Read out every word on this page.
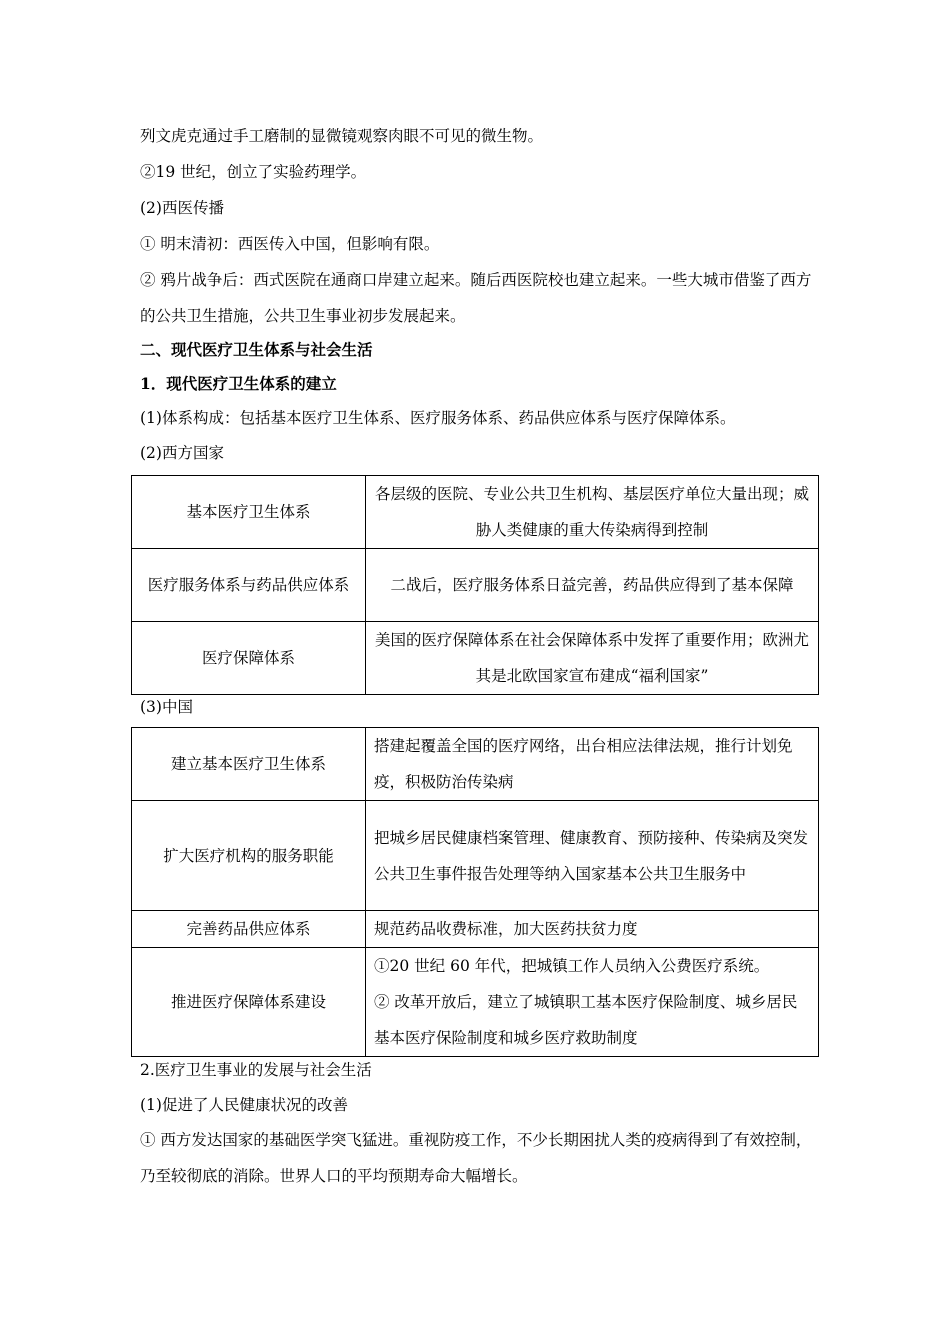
列文虎克通过手工磨制的显微镜观察肉眼不可见的微生物。
②19 世纪，创立了实验药理学。
(2)西医传播
① 明末清初：西医传入中国，但影响有限。
② 鸦片战争后：西式医院在通商口岸建立起来。随后西医院校也建立起来。一些大城市借鉴了西方的公共卫生措施，公共卫生事业初步发展起来。
二、现代医疗卫生体系与社会生活
1．现代医疗卫生体系的建立
(1)体系构成：包括基本医疗卫生体系、医疗服务体系、药品供应体系与医疗保障体系。
(2)西方国家
基本医疗卫生体系	各层级的医院、专业公共卫生机构、基层医疗单位大量出现；威胁人类健康的重大传染病得到控制
医疗服务体系与药品供应体系	二战后，医疗服务体系日益完善，药品供应得到了基本保障
医疗保障体系	美国的医疗保障体系在社会保障体系中发挥了重要作用；欧洲尤其是北欧国家宣布建成“福利国家”
(3)中国
建立基本医疗卫生体系	搭建起覆盖全国的医疗网络，出台相应法律法规，推行计划免疫，积极防治传染病
扩大医疗机构的服务职能	把城乡居民健康档案管理、健康教育、预防接种、传染病及突发公共卫生事件报告处理等纳入国家基本公共卫生服务中
完善药品供应体系	规范药品收费标准，加大医药扶贫力度
推进医疗保障体系建设	①20 世纪 60 年代，把城镇工作人员纳入公费医疗系统。
② 改革开放后，建立了城镇职工基本医疗保险制度、城乡居民基本医疗保险制度和城乡医疗救助制度
2.医疗卫生事业的发展与社会生活
(1)促进了人民健康状况的改善
① 西方发达国家的基础医学突飞猛进。重视防疫工作，不少长期困扰人类的疫病得到了有效控制，乃至较彻底的消除。世界人口的平均预期寿命大幅增长。
